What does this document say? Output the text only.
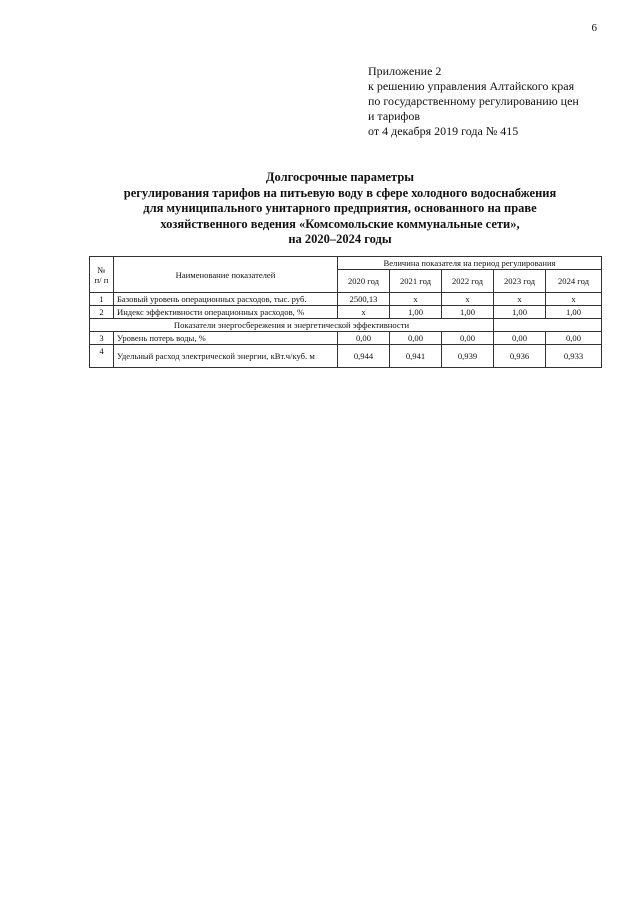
6
Приложение 2
к решению управления Алтайского края
по государственному регулированию цен
и тарифов
от 4 декабря 2019 года № 415
Долгосрочные параметры
регулирования тарифов на питьевую воду в сфере холодного водоснабжения
для муниципального унитарного предприятия, основанного на праве
хозяйственного ведения «Комсомольские коммунальные сети»,
на 2020–2024 годы
№ п/ п	Наименование показателей	Величина показателя на период регулирования				
		2020 год	2021 год	2022 год	2023 год	2024 год
1	Базовый уровень операционных расходов, тыс. руб.	2500,13	х	х	х	х
2	Индекс эффективности операционных расходов, %	х	1,00	1,00	1,00	1,00
Показатели энергосбережения и энергетической эффективности						
3	Уровень потерь воды, %	0,00	0,00	0,00	0,00	0,00
4	Удельный расход электрической энергии, кВт.ч/куб. м	0,944	0,941	0,939	0,936	0,933
